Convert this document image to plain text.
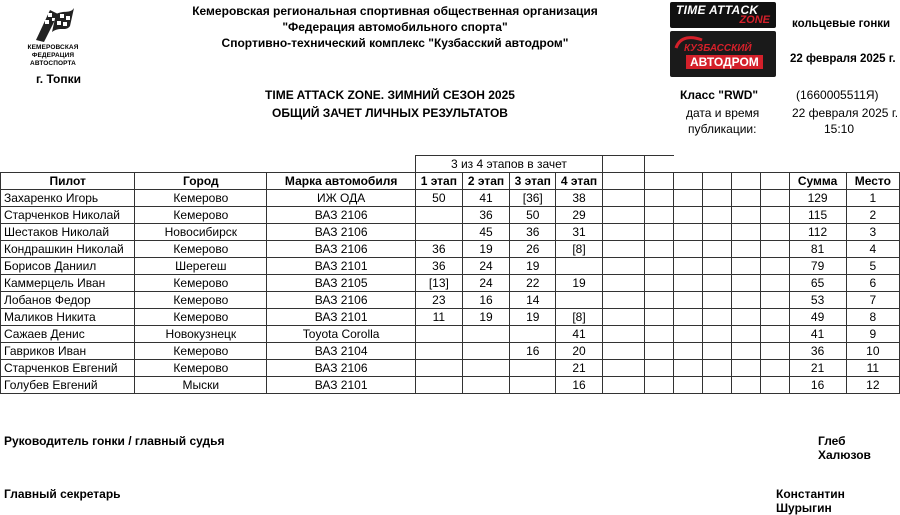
КЕМЕРОВСКАЯ
ФЕДЕРАЦИЯ АВТОСПОРТА
г. Топки
Кемеровская региональная спортивная общественная организация
"Федерация автомобильного спорта"
Спортивно-технический комплекс "Кузбасский автодром"
TIME ATTACK
ZONE
КУЗБАССКИЙ
АВТОДРОМ
кольцевые гонки
22 февраля 2025 г.
TIME ATTACK ZONE. ЗИМНИЙ СЕЗОН 2025
ОБЩИЙ ЗАЧЕТ ЛИЧНЫХ РЕЗУЛЬТАТОВ
Класс "RWD"	(1660005511Я)
дата и время	22 февраля 2025 г.
публикации:	15:10
			3 из 4 этапов в зачет											
Пилот	Город	Марка автомобиля	1 этап	2 этап	3 этап	4 этап							Сумма	Место
Захаренко Игорь	Кемерово	ИЖ ОДА	50	41	[36]	38							129	1
Старченков Николай	Кемерово	ВАЗ 2106		36	50	29							115	2
Шестаков Николай	Новосибирск	ВАЗ 2106		45	36	31							112	3
Кондрашкин Николай	Кемерово	ВАЗ 2106	36	19	26	[8]							81	4
Борисов Даниил	Шерегеш	ВАЗ 2101	36	24	19								79	5
Каммерцель Иван	Кемерово	ВАЗ 2105	[13]	24	22	19							65	6
Лобанов Федор	Кемерово	ВАЗ 2106	23	16	14								53	7
Маликов Никита	Кемерово	ВАЗ 2101	11	19	19	[8]							49	8
Сажаев Денис	Новокузнецк	Toyota Corolla				41							41	9
Гавриков Иван	Кемерово	ВАЗ 2104			16	20							36	10
Старченков Евгений	Кемерово	ВАЗ 2106				21							21	11
Голубев Евгений	Мыски	ВАЗ 2101				16							16	12
Руководитель гонки / главный судья	Глеб Халюзов
Главный секретарь	Константин Шурыгин
